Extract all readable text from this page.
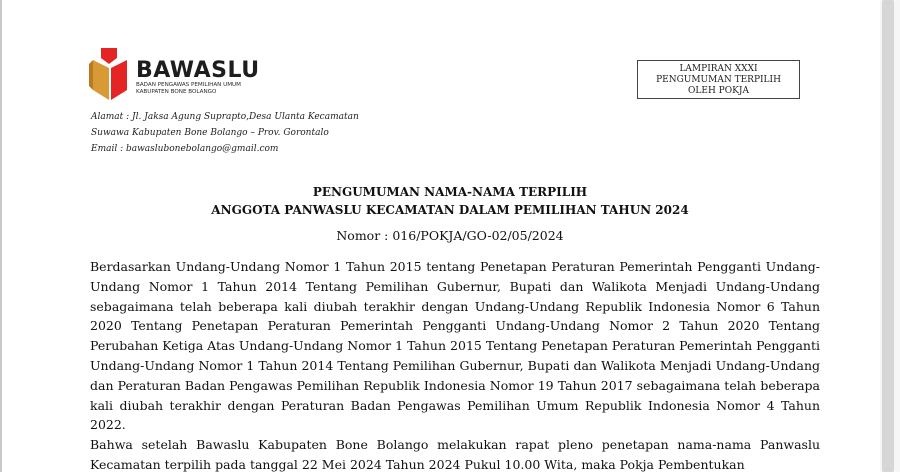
BAWASLU
BADAN PENGAWAS PEMILIHAN UMUM
KABUPATEN BONE BOLANGO
Alamat : Jl. Jaksa Agung Suprapto,Desa Ulanta Kecamatan
Suwawa Kabupaten Bone Bolango – Prov. Gorontalo
Email : bawaslubonebolango@gmail.com
LAMPIRAN XXXI
PENGUMUMAN TERPILIH
OLEH POKJA
PENGUMUMAN NAMA-NAMA TERPILIH
ANGGOTA PANWASLU KECAMATAN DALAM PEMILIHAN TAHUN 2024
Nomor : 016/POKJA/GO-02/05/2024

Berdasarkan Undang-Undang Nomor 1 Tahun 2015 tentang Penetapan Peraturan Pemerintah Pengganti Undang-Undang Nomor 1 Tahun 2014 Tentang Pemilihan Gubernur, Bupati dan Walikota Menjadi Undang-Undang sebagaimana telah beberapa kali diubah terakhir dengan Undang-Undang Republik Indonesia Nomor 6 Tahun 2020 Tentang Penetapan Peraturan Pemerintah Pengganti Undang-Undang Nomor 2 Tahun 2020 Tentang Perubahan Ketiga Atas Undang-Undang Nomor 1 Tahun 2015 Tentang Penetapan Peraturan Pemerintah Pengganti Undang-Undang Nomor 1 Tahun 2014 Tentang Pemilihan Gubernur, Bupati dan Walikota Menjadi Undang-Undang dan Peraturan Badan Pengawas Pemilihan Republik Indonesia Nomor 19 Tahun 2017 sebagaimana telah beberapa kali diubah terakhir dengan Peraturan Badan Pengawas Pemilihan Umum Republik Indonesia Nomor 4 Tahun 2022.

Bahwa setelah Bawaslu Kabupaten Bone Bolango melakukan rapat pleno penetapan nama-nama Panwaslu Kecamatan terpilih pada tanggal 22 Mei 2024 Tahun 2024 Pukul 10.00 Wita, maka Pokja Pembentukan
